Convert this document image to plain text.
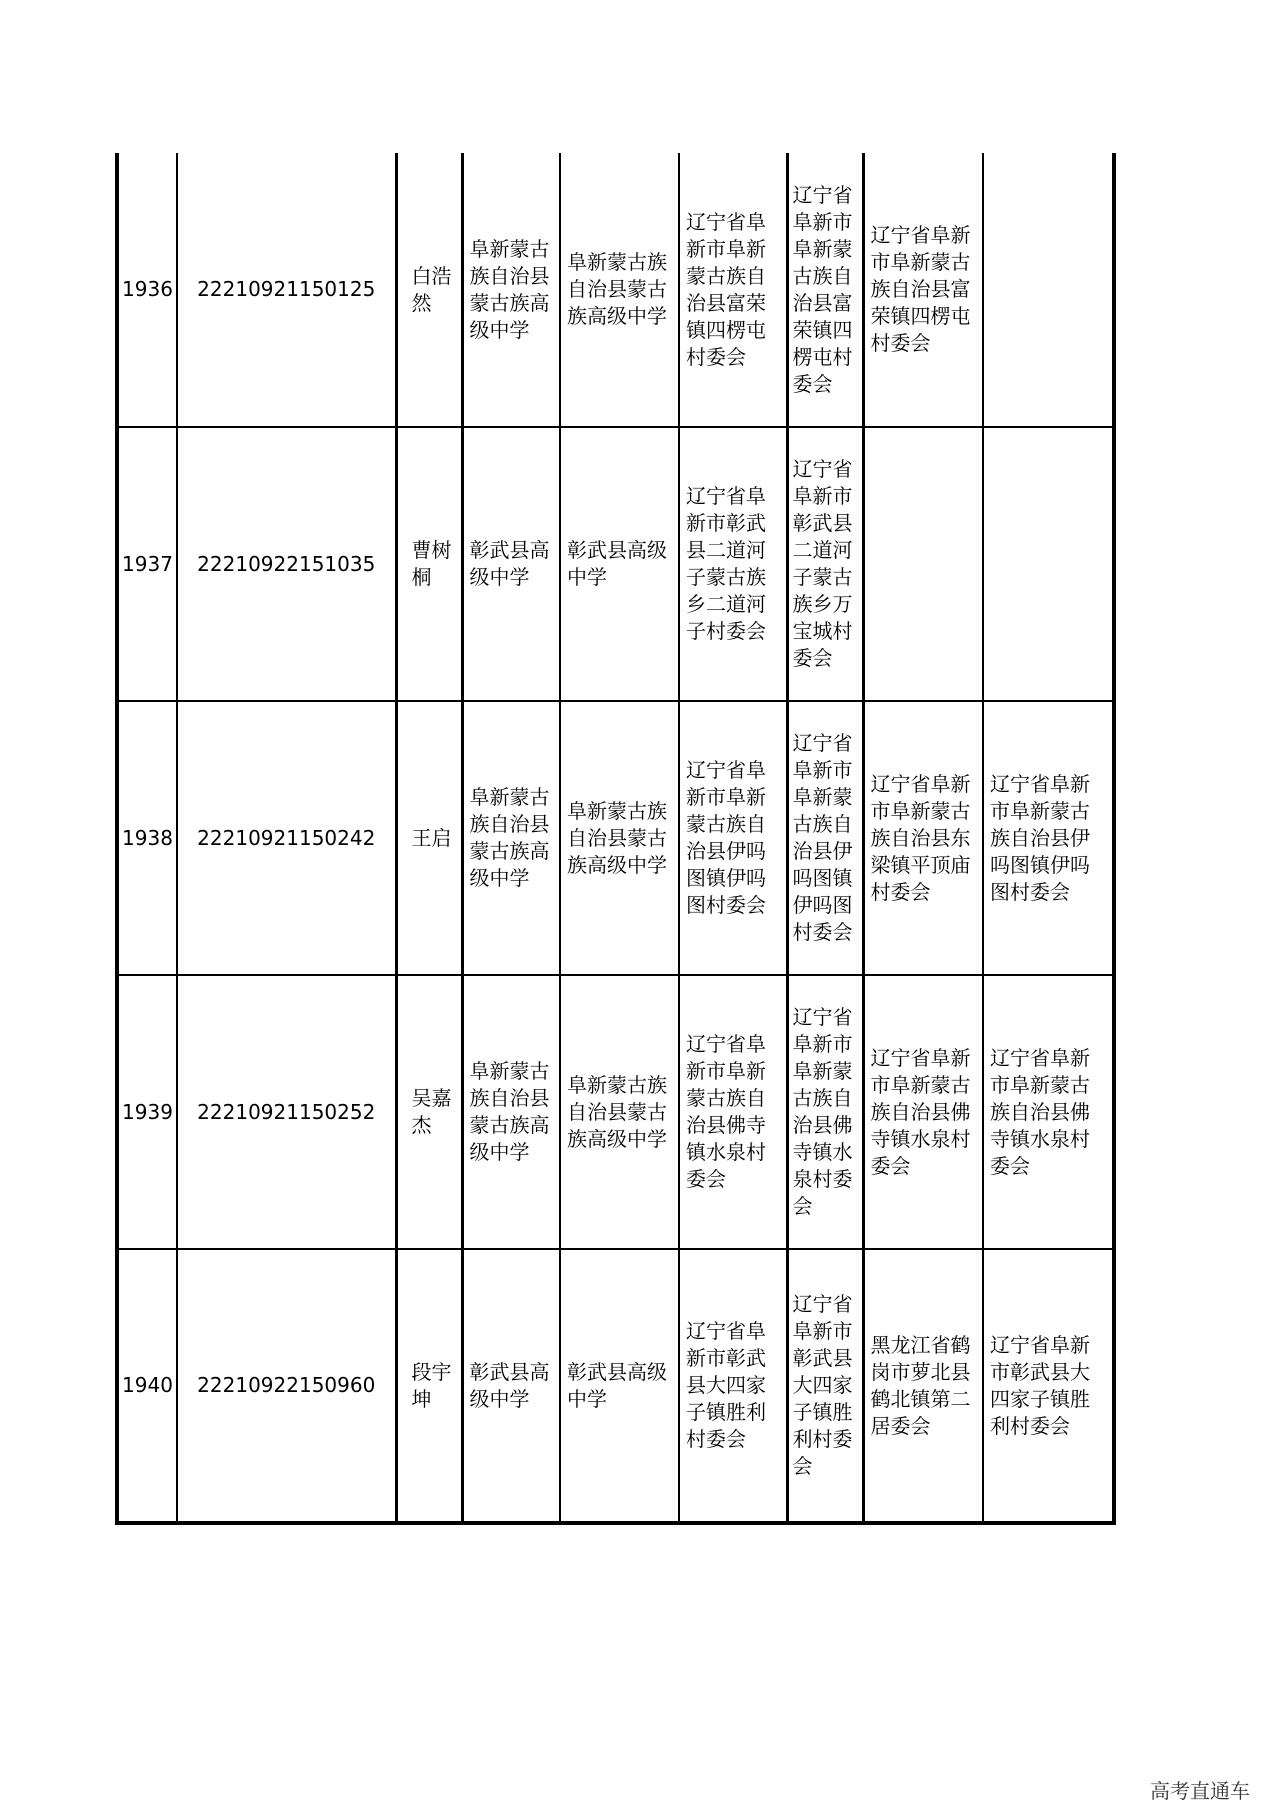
1936	22210921150125	白浩然	阜新蒙古族自治县蒙古族高级中学	阜新蒙古族自治县蒙古族高级中学	辽宁省阜新市阜新蒙古族自治县富荣镇四楞屯村委会	辽宁省阜新市阜新蒙古族自治县富荣镇四楞屯村委会	辽宁省阜新市阜新蒙古族自治县富荣镇四楞屯村委会	

1937	22210922151035	曹树桐	彰武县高级中学	彰武县高级中学	辽宁省阜新市彰武县二道河子蒙古族乡二道河子村委会	辽宁省阜新市彰武县二道河子蒙古族乡万宝城村委会		

1938	22210921150242	王启	阜新蒙古族自治县蒙古族高级中学	阜新蒙古族自治县蒙古族高级中学	辽宁省阜新市阜新蒙古族自治县伊吗图镇伊吗图村委会	辽宁省阜新市阜新蒙古族自治县伊吗图镇伊吗图村委会	辽宁省阜新市阜新蒙古族自治县东梁镇平顶庙村委会	辽宁省阜新市阜新蒙古族自治县伊吗图镇伊吗图村委会

1939	22210921150252	吴嘉杰	阜新蒙古族自治县蒙古族高级中学	阜新蒙古族自治县蒙古族高级中学	辽宁省阜新市阜新蒙古族自治县佛寺镇水泉村委会	辽宁省阜新市阜新蒙古族自治县佛寺镇水泉村委会	辽宁省阜新市阜新蒙古族自治县佛寺镇水泉村委会	辽宁省阜新市阜新蒙古族自治县佛寺镇水泉村委会

1940	22210922150960	段宇坤	彰武县高级中学	彰武县高级中学	辽宁省阜新市彰武县大四家子镇胜利村委会	辽宁省阜新市彰武县大四家子镇胜利村委会	黑龙江省鹤岗市萝北县鹤北镇第二居委会	辽宁省阜新市彰武县大四家子镇胜利村委会
高考直通车
